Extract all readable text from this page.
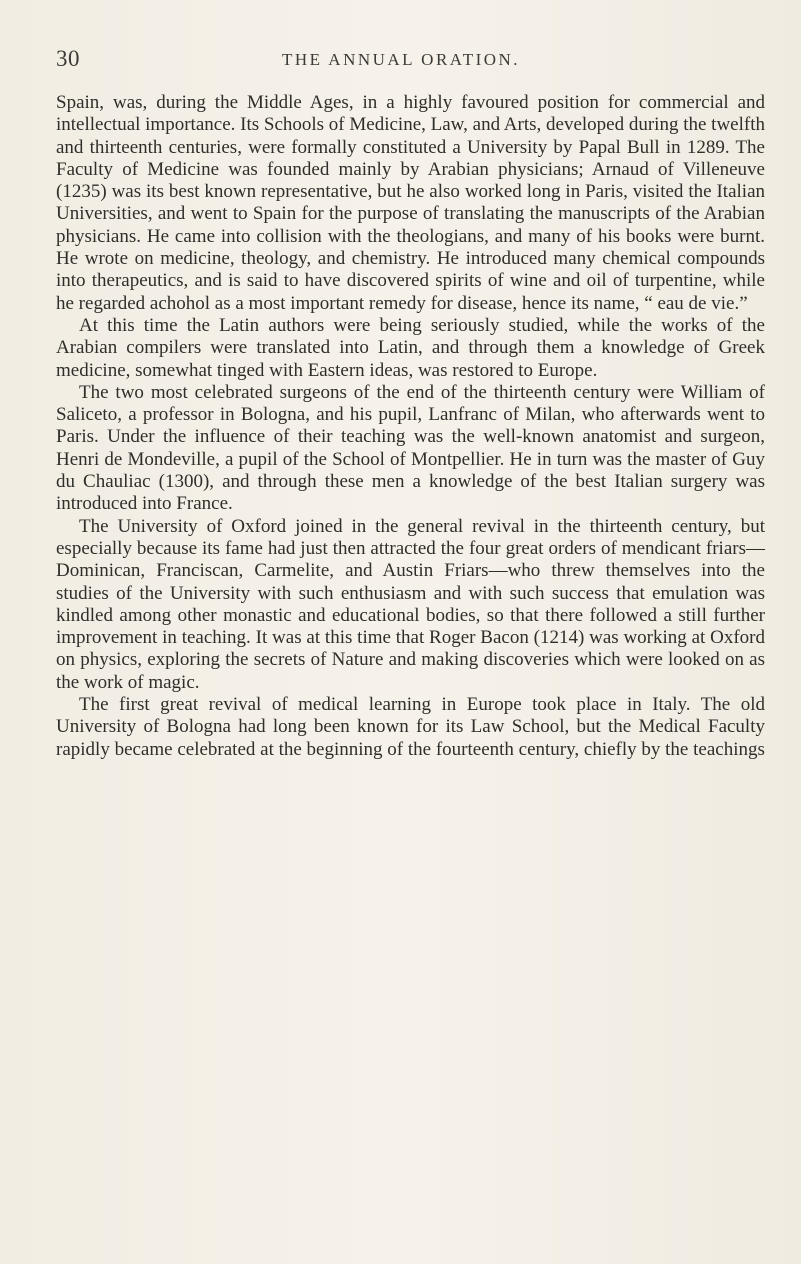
30	THE ANNUAL ORATION.

Spain, was, during the Middle Ages, in a highly favoured position for commercial and intellectual importance. Its Schools of Medicine, Law, and Arts, developed during the twelfth and thirteenth centuries, were formally constituted a University by Papal Bull in 1289. The Faculty of Medicine was founded mainly by Arabian physicians; Arnaud of Villeneuve (1235) was its best known representative, but he also worked long in Paris, visited the Italian Universities, and went to Spain for the purpose of translating the manuscripts of the Arabian physicians. He came into collision with the theologians, and many of his books were burnt. He wrote on medicine, theology, and chemistry. He introduced many chemical compounds into therapeutics, and is said to have discovered spirits of wine and oil of turpentine, while he regarded achohol as a most important remedy for disease, hence its name, “ eau de vie.”

At this time the Latin authors were being seriously studied, while the works of the Arabian compilers were translated into Latin, and through them a knowledge of Greek medicine, somewhat tinged with Eastern ideas, was restored to Europe.

The two most celebrated surgeons of the end of the thirteenth century were William of Saliceto, a professor in Bologna, and his pupil, Lanfranc of Milan, who afterwards went to Paris. Under the influence of their teaching was the well-known anatomist and surgeon, Henri de Mondeville, a pupil of the School of Montpellier. He in turn was the master of Guy du Chauliac (1300), and through these men a knowledge of the best Italian surgery was introduced into France.

The University of Oxford joined in the general revival in the thirteenth century, but especially because its fame had just then attracted the four great orders of mendicant friars—Dominican, Franciscan, Carmelite, and Austin Friars—who threw themselves into the studies of the University with such enthusiasm and with such success that emulation was kindled among other monastic and educational bodies, so that there followed a still further improvement in teaching. It was at this time that Roger Bacon (1214) was working at Oxford on physics, exploring the secrets of Nature and making discoveries which were looked on as the work of magic.

The first great revival of medical learning in Europe took place in Italy. The old University of Bologna had long been known for its Law School, but the Medical Faculty rapidly became celebrated at the beginning of the fourteenth century, chiefly by the teachings
